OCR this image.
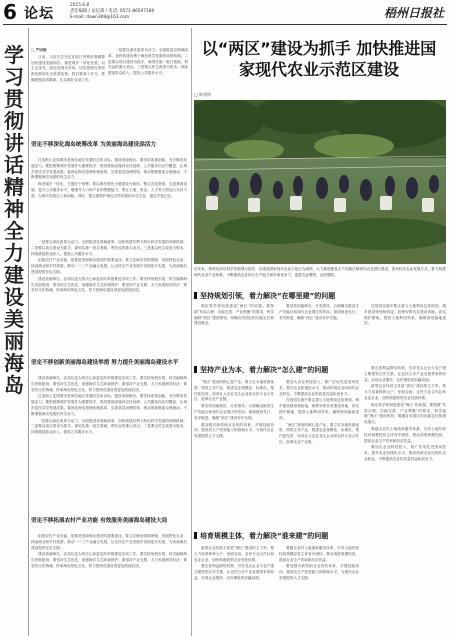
6 论坛
2015.6.8
责任编辑 / 论坛部 / 电话: 0571-86597189
E-mail: dawn308@163.com	梧州日报社
学习贯彻讲话精神 全力建设美丽海岛

□ 严国强

日前，习近平总书记在浙江考察时强调要加快建设美丽海岛，推进城乡一体化发展，以生态优先、绿色发展为导向，切实把海岛的资源优势转化为发展优势。我们要深入学习，准确把握讲话精神，扎实做好各项工作。

一是要以深化改革为动力。全面推进各领域改革，加快构建有利于海岛科学发展的体制机制。二是要以项目建设为抓手，谋划实施一批打基础、利长远的重大项目。三是要以民生改善为根本，持续增加群众收入，提高公共服务水平。

坚定不移深化海岛统筹改革 为美丽海岛建设添活力

打造海上花园城市是海岛地区发展的总体目标。建设美丽海岛，要坚持改革创新，充分释放发展活力。要把统筹城乡发展作为重要抓手，推进基础设施向农村延伸、公共服务向农村覆盖，让城乡居民共享发展成果。要深化海岛管理体制改革，完善基层治理结构，推动资源要素合理流动，不断增强海岛发展的内生动力。

推进城乡一体化，关键在于统筹。要以海岛特色小镇建设为载体，整合各类资源，完善基础设施，提升公共服务水平，增强对人口和产业的集聚能力。要在土地、资金、人才等方面加大支持力度，为海岛发展注入新动能。同时，要注重保护海岛自然风貌和历史文化，留住乡愁记忆。

坚定不移创新美丽海岛建设举措 努力提升美丽海岛建设水平

建设美丽海岛，必须以更大的决心和更实的举措推进各项工作。要坚持规划引领，科学编制海岛发展规划；要坚持生态优先，加强海洋生态环境保护；要坚持产业支撑，大力发展海洋经济；要坚持文化铸魂，传承海岛特色文化，努力把海岛建设得更加美丽宜居。

打造海上花园城市是海岛地区发展的总体目标。建设美丽海岛，要坚持改革创新，充分释放发展活力。要把统筹城乡发展作为重要抓手，推进基础设施向农村延伸、公共服务向农村覆盖，让城乡居民共享发展成果。要深化海岛管理体制改革，完善基层治理结构，推动资源要素合理流动，不断增强海岛发展的内生动力。

一是要以深化改革为动力。全面推进各领域改革，加快构建有利于海岛科学发展的体制机制。二是要以项目建设为抓手，谋划实施一批打基础、利长远的重大项目。三是要以民生改善为根本，持续增加群众收入，提高公共服务水平。

坚定不移拓展农村产业功能 有效服务美丽海岛建设大局

拓展农村产业功能，是推进美丽海岛建设的重要途径。要立足海岛资源禀赋，发展特色农业、休闲渔业和乡村旅游，推动一二三产业融合发展，让农民在产业发展中得到更多实惠，为美丽海岛建设提供坚实支撑。

建设美丽海岛，必须以更大的决心和更实的举措推进各项工作。要坚持规划引领，科学编制海岛发展规划；要坚持生态优先，加强海洋生态环境保护；要坚持产业支撑，大力发展海洋经济；要坚持文化铸魂，传承海岛特色文化，努力把海岛建设得更加美丽宜居。

一是要以深化改革为动力。全面推进各领域改革，加快构建有利于海岛科学发展的体制机制。二是要以项目建设为抓手，谋划实施一批打基础、利长远的重大项目。三是要以民生改善为根本，持续增加群众收入，提高公共服务水平。

拓展农村产业功能，是推进美丽海岛建设的重要途径。要立足海岛资源禀赋，发展特色农业、休闲渔业和乡村旅游，推动一二三产业融合发展，让农民在产业发展中得到更多实惠，为美丽海岛建设提供坚实支撑。

建设美丽海岛，必须以更大的决心和更实的举措推进各项工作。要坚持规划引领，科学编制海岛发展规划；要坚持生态优先，加强海洋生态环境保护；要坚持产业支撑，大力发展海洋经济；要坚持文化铸魂，传承海岛特色文化，努力把海岛建设得更加美丽宜居。

以“两区”建设为抓手 加快推进国家现代农业示范区建设
□ 陈建明
近年来，梧州坚持以科学发展观为指导，以建设国家现代农业示范区为统领，大力推进粮食生产功能区和现代农业园区建设，加快转变农业发展方式，着力构建现代农业产业体系，不断提高农业综合生产能力和市场竞争力，促进农业增效、农民增收。
坚持规划引领，着力解决“在哪里建”的问题

制定科学规划是建设“两区”的前提。要按照“布局合理、功能完善、产业集聚”的要求，科学编制“两区”建设规划，明确各类园区的功能定位和建设重点。

要坚持因地制宜、分类指导，合理确定粮食生产功能区和现代农业园区的布局，做到规划先行、有序推进，确保“两区”建设有序实施。

在规划实施中要注重与土地利用总体规划、城乡建设规划相衔接，统筹安排各类建设用地，切实保护耕地，提高土地利用效率，确保规划落地见效。

坚持产业为本，着力解决“怎么建”的问题

“两区”建设的核心是产业。要立足本地资源优势，围绕主导产业，推进农业规模化、标准化、集约化经营，培育壮大农业龙头企业和农民专业合作社，延伸农业产业链。

要坚持因地制宜、分类指导，合理确定粮食生产功能区和现代农业园区的布局，做到规划先行、有序推进，确保“两区”建设有序实施。

要加强对新型职业农民的培育，开展技能培训，提高其生产经营能力和管理水平，为现代农业发展提供人才支撑。

要加大农业科技投入，推广应用先进适用技术，提升农业机械化水平，推动传统农业向现代农业转变，不断提高农业的质量效益和竞争力。

在规划实施中要注重与土地利用总体规划、城乡建设规划相衔接，统筹安排各类建设用地，切实保护耕地，提高土地利用效率，确保规划落地见效。

“两区”建设的核心是产业。要立足本地资源优势，围绕主导产业，推进农业规模化、标准化、集约化经营，培育壮大农业龙头企业和农民专业合作社，延伸农业产业链。

要完善利益联结机制，引导龙头企业与农户建立紧密型合作关系，让农民分享产业发展带来的收益，实现企业增效、农民增收的双赢局面。

新型农业经营主体是“两区”建设的主力军。要大力培育种养大户、家庭农场、农民专业合作社和农业企业，加快构建新型农业经营体系。

制定科学规划是建设“两区”的前提。要按照“布局合理、功能完善、产业集聚”的要求，科学编制“两区”建设规划，明确各类园区的功能定位和建设重点。

要健全农村土地流转服务体系，引导土地经营权向规模经营主体有序流转，推动适度规模经营，提高农业生产效率和经济效益。

要加大农业科技投入，推广应用先进适用技术，提升农业机械化水平，推动传统农业向现代农业转变，不断提高农业的质量效益和竞争力。

培育规模主体，着力解决“谁来建”的问题

新型农业经营主体是“两区”建设的主力军。要大力培育种养大户、家庭农场、农民专业合作社和农业企业，加快构建新型农业经营体系。

要完善利益联结机制，引导龙头企业与农户建立紧密型合作关系，让农民分享产业发展带来的收益，实现企业增效、农民增收的双赢局面。

要健全农村土地流转服务体系，引导土地经营权向规模经营主体有序流转，推动适度规模经营，提高农业生产效率和经济效益。

要加强对新型职业农民的培育，开展技能培训，提高其生产经营能力和管理水平，为现代农业发展提供人才支撑。
